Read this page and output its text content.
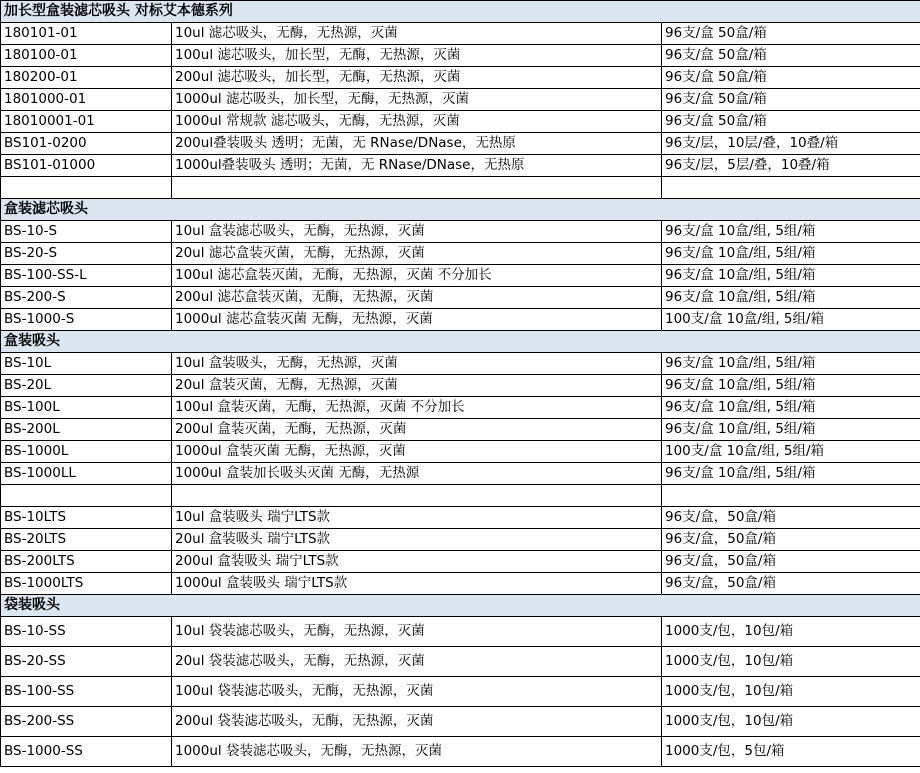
加长型盒装滤芯吸头 对标艾本德系列		
180101-01	10ul 滤芯吸头，无酶，无热源，灭菌	96支/盒 50盒/箱
180100-01	100ul 滤芯吸头，加长型，无酶，无热源，灭菌	96支/盒 50盒/箱
180200-01	200ul 滤芯吸头，加长型，无酶，无热源，灭菌	96支/盒 50盒/箱
1801000-01	1000ul 滤芯吸头，加长型，无酶，无热源，灭菌	96支/盒 50盒/箱
18010001-01	1000ul 常规款 滤芯吸头，无酶，无热源，灭菌	96支/盒 50盒/箱
BS101-0200	200ul叠装吸头 透明；无菌，无 RNase/DNase，无热原	96支/层，10层/叠，10叠/箱
BS101-01000	1000ul叠装吸头 透明；无菌，无 RNase/DNase，无热原	96支/层，5层/叠，10叠/箱

盒装滤芯吸头		
BS-10-S	10ul 盒装滤芯吸头，无酶，无热源，灭菌	96支/盒 10盒/组, 5组/箱
BS-20-S	20ul 滤芯盒装灭菌，无酶，无热源，灭菌	96支/盒 10盒/组, 5组/箱
BS-100-SS-L	100ul 滤芯盒装灭菌，无酶，无热源，灭菌 不分加长	96支/盒 10盒/组, 5组/箱
BS-200-S	200ul 滤芯盒装灭菌，无酶，无热源，灭菌	96支/盒 10盒/组, 5组/箱
BS-1000-S	1000ul 滤芯盒装灭菌 无酶，无热源，灭菌	100支/盒 10盒/组, 5组/箱
盒装吸头		
BS-10L	10ul 盒装吸头，无酶，无热源，灭菌	96支/盒 10盒/组, 5组/箱
BS-20L	20ul 盒装灭菌，无酶，无热源，灭菌	96支/盒 10盒/组, 5组/箱
BS-100L	100ul 盒装灭菌，无酶，无热源，灭菌 不分加长	96支/盒 10盒/组, 5组/箱
BS-200L	200ul 盒装灭菌，无酶，无热源，灭菌	96支/盒 10盒/组, 5组/箱
BS-1000L	1000ul 盒装灭菌 无酶，无热源，灭菌	100支/盒 10盒/组, 5组/箱
BS-1000LL	1000ul 盒装加长吸头灭菌 无酶，无热源	96支/盒 10盒/组, 5组/箱

BS-10LTS	10ul 盒装吸头 瑞宁LTS款	96支/盒，50盒/箱
BS-20LTS	20ul 盒装吸头 瑞宁LTS款	96支/盒，50盒/箱
BS-200LTS	200ul 盒装吸头 瑞宁LTS款	96支/盒，50盒/箱
BS-1000LTS	1000ul 盒装吸头 瑞宁LTS款	96支/盒，50盒/箱
袋装吸头		
BS-10-SS	10ul 袋装滤芯吸头，无酶，无热源，灭菌	1000支/包，10包/箱
BS-20-SS	20ul 袋装滤芯吸头，无酶，无热源，灭菌	1000支/包，10包/箱
BS-100-SS	100ul 袋装滤芯吸头，无酶，无热源，灭菌	1000支/包，10包/箱
BS-200-SS	200ul 袋装滤芯吸头，无酶，无热源，灭菌	1000支/包，10包/箱
BS-1000-SS	1000ul 袋装滤芯吸头，无酶，无热源，灭菌	1000支/包，5包/箱
